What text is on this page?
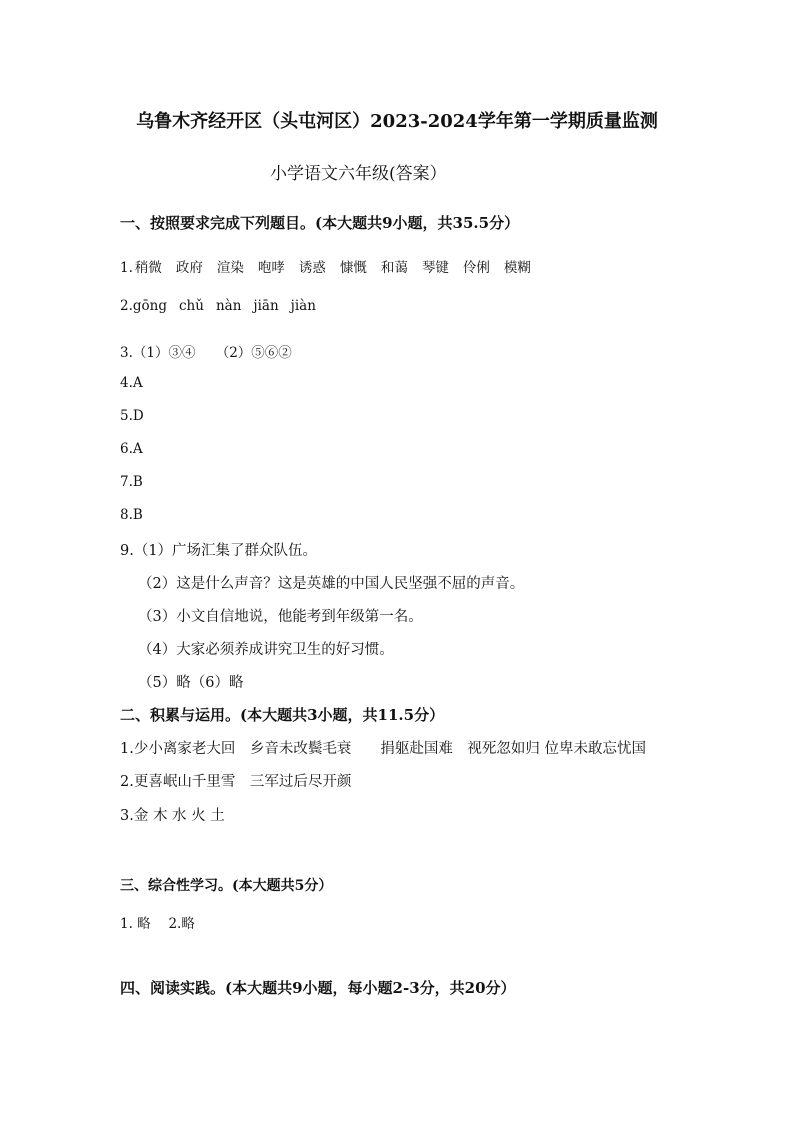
乌鲁木齐经开区（头屯河区）2023-2024学年第一学期质量监测
小学语文六年级(答案）
一、按照要求完成下列题目。(本大题共9小题，共35.5分）
1. 稍微 政府 渲染 咆哮 诱惑 慷慨 和蔼 琴键 伶俐 模糊
2.gōng chǔ nàn jiān jiàn
3.（1）③④　　（2）⑤⑥②
4.A
5.D
6.A
7.B
8.B
9.（1）广场汇集了群众队伍。
（2）这是什么声音？这是英雄的中国人民坚强不屈的声音。
（3）小文自信地说，他能考到年级第一名。
（4）大家必须养成讲究卫生的好习惯。
（5）略（6）略
二、积累与运用。(本大题共3小题，共11.5分）
1.少小离家老大回　乡音未改鬓毛衰　　捐躯赴国难　视死忽如归 位卑未敢忘忧国
2.更喜岷山千里雪　三军过后尽开颜
3.金 木 水 火 土
三、综合性学习。(本大题共5分）
1. 略　 2.略
四、阅读实践。(本大题共9小题，每小题2-3分，共20分）
